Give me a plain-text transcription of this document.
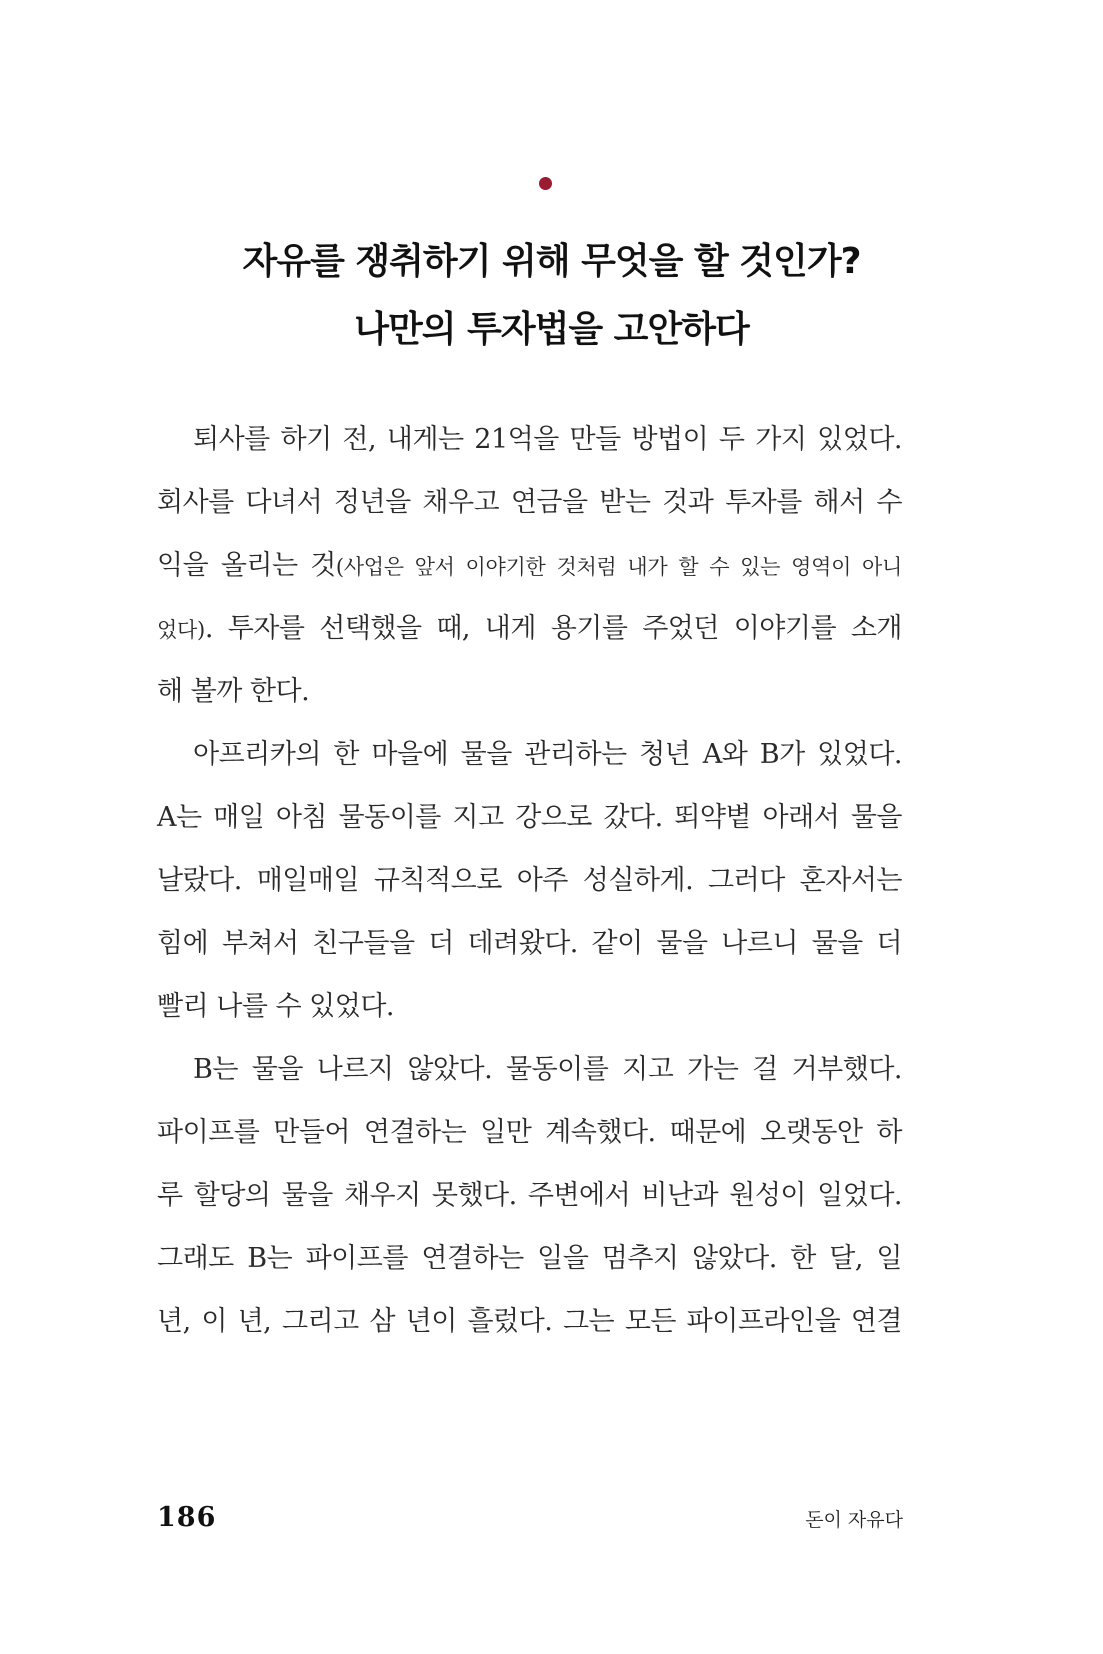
자유를 쟁취하기 위해 무엇을 할 것인가?
나만의 투자법을 고안하다
퇴사를 하기 전, 내게는 21억을 만들 방법이 두 가지 있었다.
회사를 다녀서 정년을 채우고 연금을 받는 것과 투자를 해서 수
익을 올리는 것(사업은 앞서 이야기한 것처럼 내가 할 수 있는 영역이 아니
었다). 투자를 선택했을 때, 내게 용기를 주었던 이야기를 소개
해 볼까 한다.
아프리카의 한 마을에 물을 관리하는 청년 A와 B가 있었다.
A는 매일 아침 물동이를 지고 강으로 갔다. 뙤약볕 아래서 물을
날랐다. 매일매일 규칙적으로 아주 성실하게. 그러다 혼자서는
힘에 부쳐서 친구들을 더 데려왔다. 같이 물을 나르니 물을 더
빨리 나를 수 있었다.
B는 물을 나르지 않았다. 물동이를 지고 가는 걸 거부했다.
파이프를 만들어 연결하는 일만 계속했다. 때문에 오랫동안 하
루 할당의 물을 채우지 못했다. 주변에서 비난과 원성이 일었다.
그래도 B는 파이프를 연결하는 일을 멈추지 않았다. 한 달, 일
년, 이 년, 그리고 삼 년이 흘렀다. 그는 모든 파이프라인을 연결
186	돈이 자유다
